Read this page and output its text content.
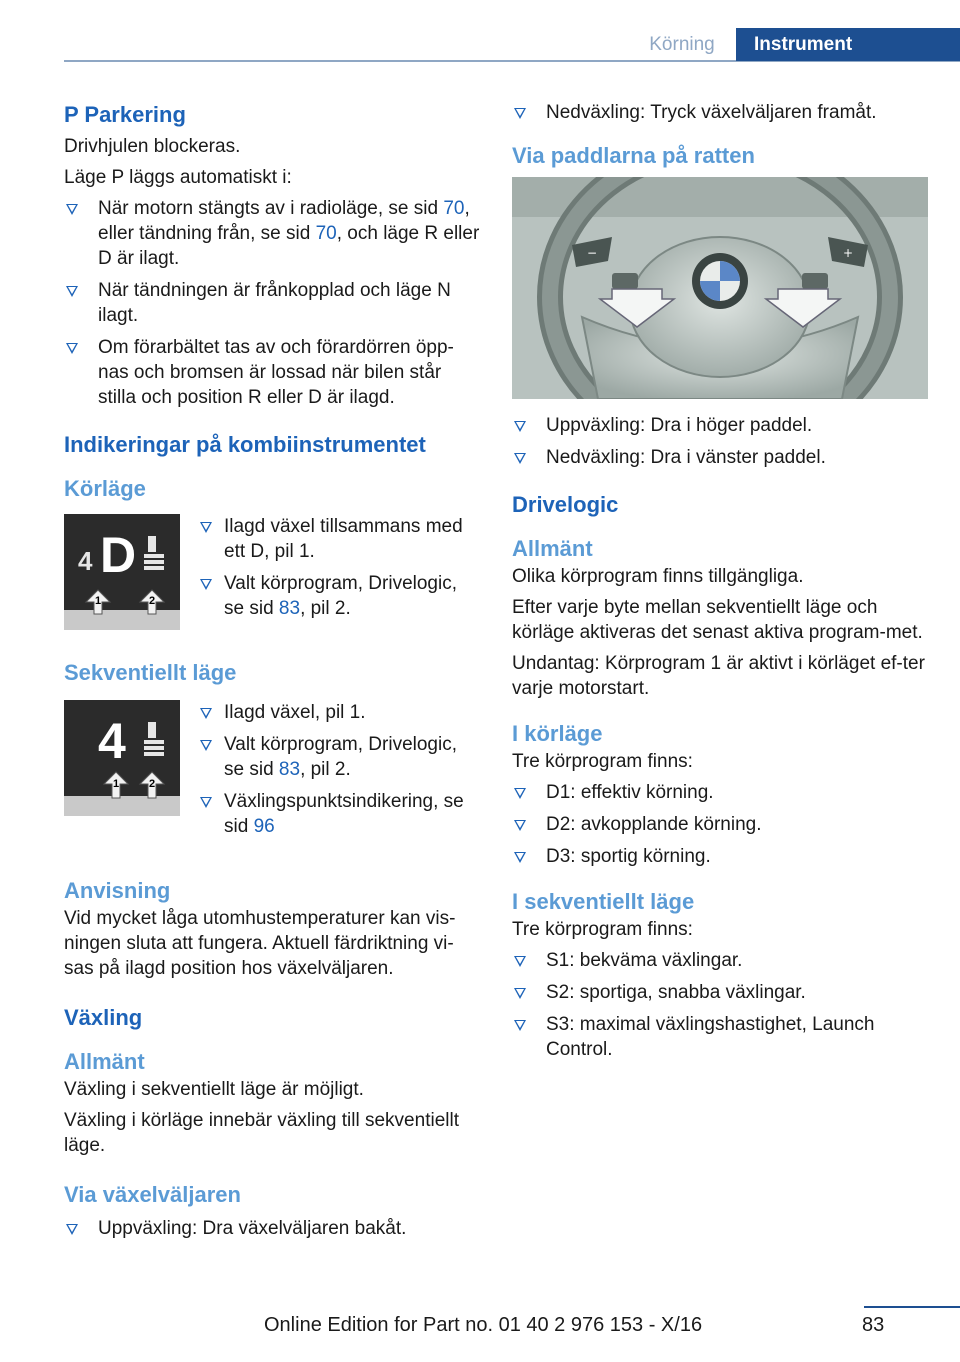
Körning	Instrument
P Parkering

Drivhjulen blockeras.

Läge P läggs automatiskt i:

När motorn stängts av i radioläge, se sid 70, eller tändning från, se sid 70, och läge R eller D är ilagt.
När tändningen är frånkopplad och läge N ilagt.
Om förarbältet tas av och förardörren öpp-nas och bromsen är lossad när bilen står stilla och position R eller D är ilagd.
Indikeringar på kombiinstrumentet
Körläge
4 D
1	2
Ilagd växel tillsammans med ett D, pil 1.
Valt körprogram, Drivelogic, se sid 83, pil 2.
Sekventiellt läge
4
1	2
Ilagd växel, pil 1.
Valt körprogram, Drivelogic, se sid 83, pil 2.
Växlingspunktsindikering, se sid 96
Anvisning

Vid mycket låga utomhustemperaturer kan vis-ningen sluta att fungera. Aktuell färdriktning vi-sas på ilagd position hos växelväljaren.

Växling
Allmänt

Växling i sekventiellt läge är möjligt.

Växling i körläge innebär växling till sekventiellt läge.

Via växelväljaren
Uppväxling: Dra växelväljaren bakåt.
Nedväxling: Tryck växelväljaren framåt.
Via paddlarna på ratten
−	+
Uppväxling: Dra i höger paddel.
Nedväxling: Dra i vänster paddel.
Drivelogic
Allmänt

Olika körprogram finns tillgängliga.

Efter varje byte mellan sekventiellt läge och körläge aktiveras det senast aktiva program-met.

Undantag: Körprogram 1 är aktivt i körläget ef-ter varje motorstart.

I körläge

Tre körprogram finns:

D1: effektiv körning.
D2: avkopplande körning.
D3: sportig körning.
I sekventiellt läge

Tre körprogram finns:

S1: bekväma växlingar.
S2: sportiga, snabba växlingar.
S3: maximal växlingshastighet, Launch Control.
83
Online Edition for Part no. 01 40 2 976 153 - X/16
